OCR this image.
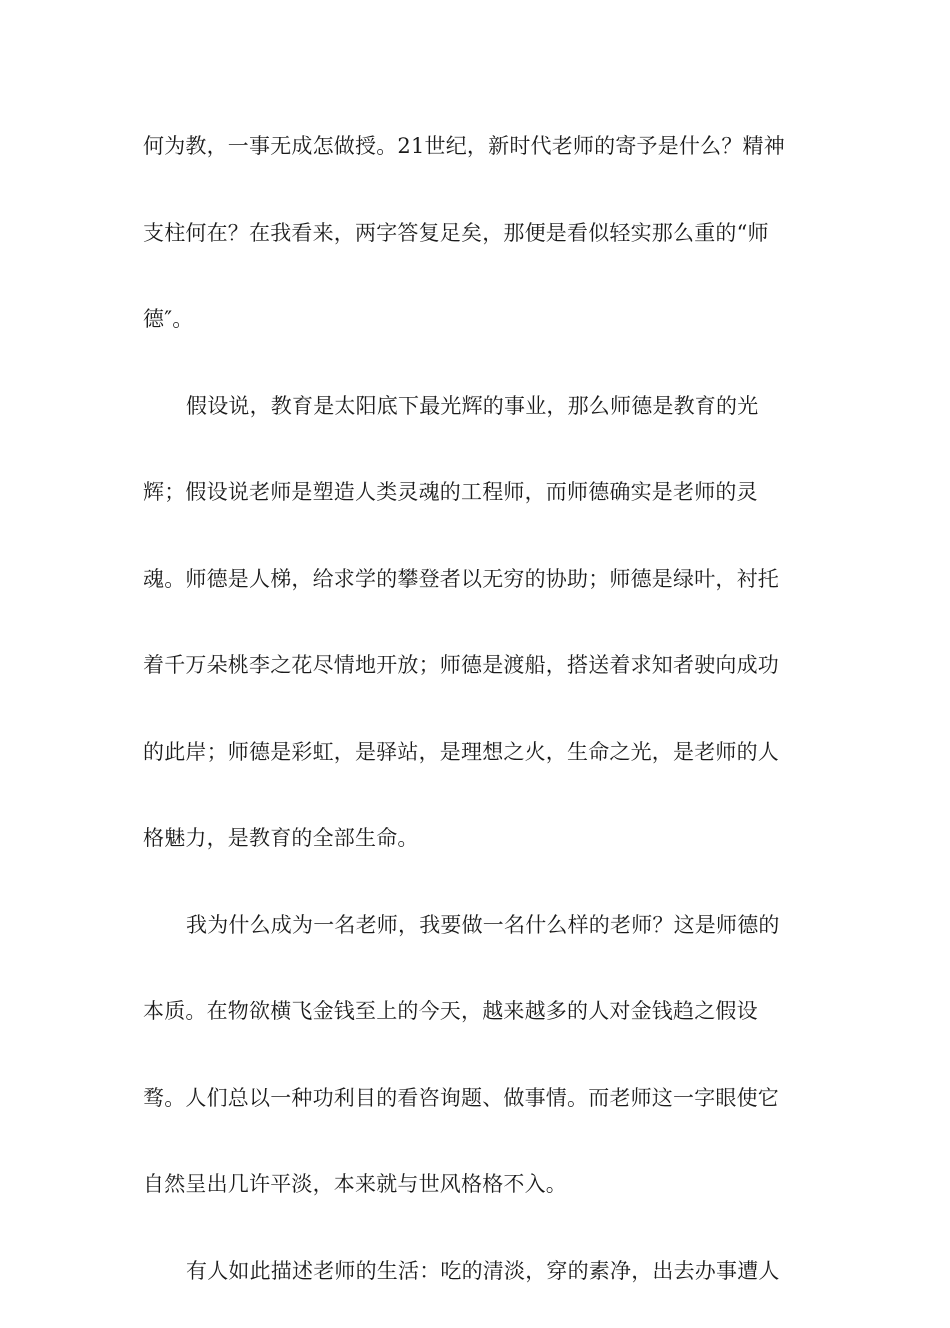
何为教，一事无成怎做授。21世纪，新时代老师的寄予是什么？精神
支柱何在？在我看来，两字答复足矣，那便是看似轻实那么重的“师
德″。
假设说，教育是太阳底下最光辉的事业，那么师德是教育的光
辉；假设说老师是塑造人类灵魂的工程师，而师德确实是老师的灵
魂。师德是人梯，给求学的攀登者以无穷的协助；师德是绿叶，衬托
着千万朵桃李之花尽情地开放；师德是渡船，搭送着求知者驶向成功
的此岸；师德是彩虹，是驿站，是理想之火，生命之光，是老师的人
格魅力，是教育的全部生命。
我为什么成为一名老师，我要做一名什么样的老师？这是师德的
本质。在物欲横飞金钱至上的今天，越来越多的人对金钱趋之假设
骛。人们总以一种功利目的看咨询题、做事情。而老师这一字眼使它
自然呈出几许平淡，本来就与世风格格不入。
有人如此描述老师的生活：吃的清淡，穿的素净，出去办事遭人
